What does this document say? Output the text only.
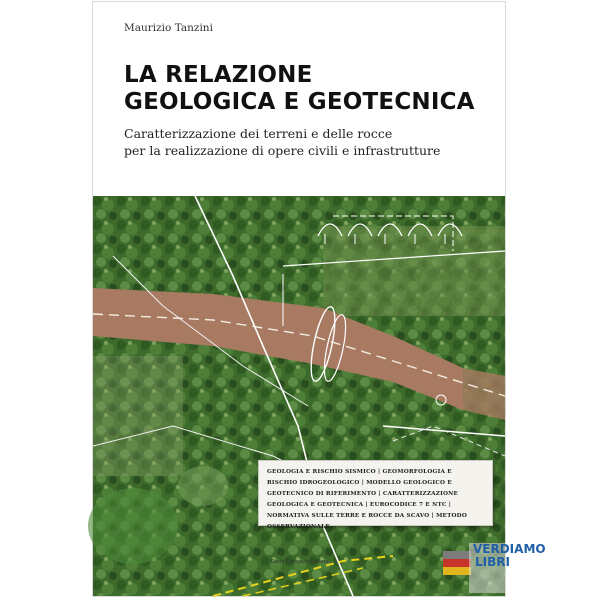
Maurizio Tanzini
LA RELAZIONE
GEOLOGICA E GEOTECNICA
Caratterizzazione dei terreni e delle rocce
per la realizzazione di opere civili e infrastrutture
GEOLOGIA E RISCHIO SISMICO | GEOMORFOLOGIA E RISCHIO IDROGEOLOGICO | MODELLO GEOLOGICO E GEOTECNICO DI RIFERIMENTO | CARATTERIZZAZIONE GEOLOGICA E GEOTECNICA | EUROCODICE 7 E NTC | NORMATIVA SULLE TERRE E ROCCE DA SCAVO | METODO OSSERVAZIONALE
Dario Flaccovio Editore
VERDIAMO
LIBRI
